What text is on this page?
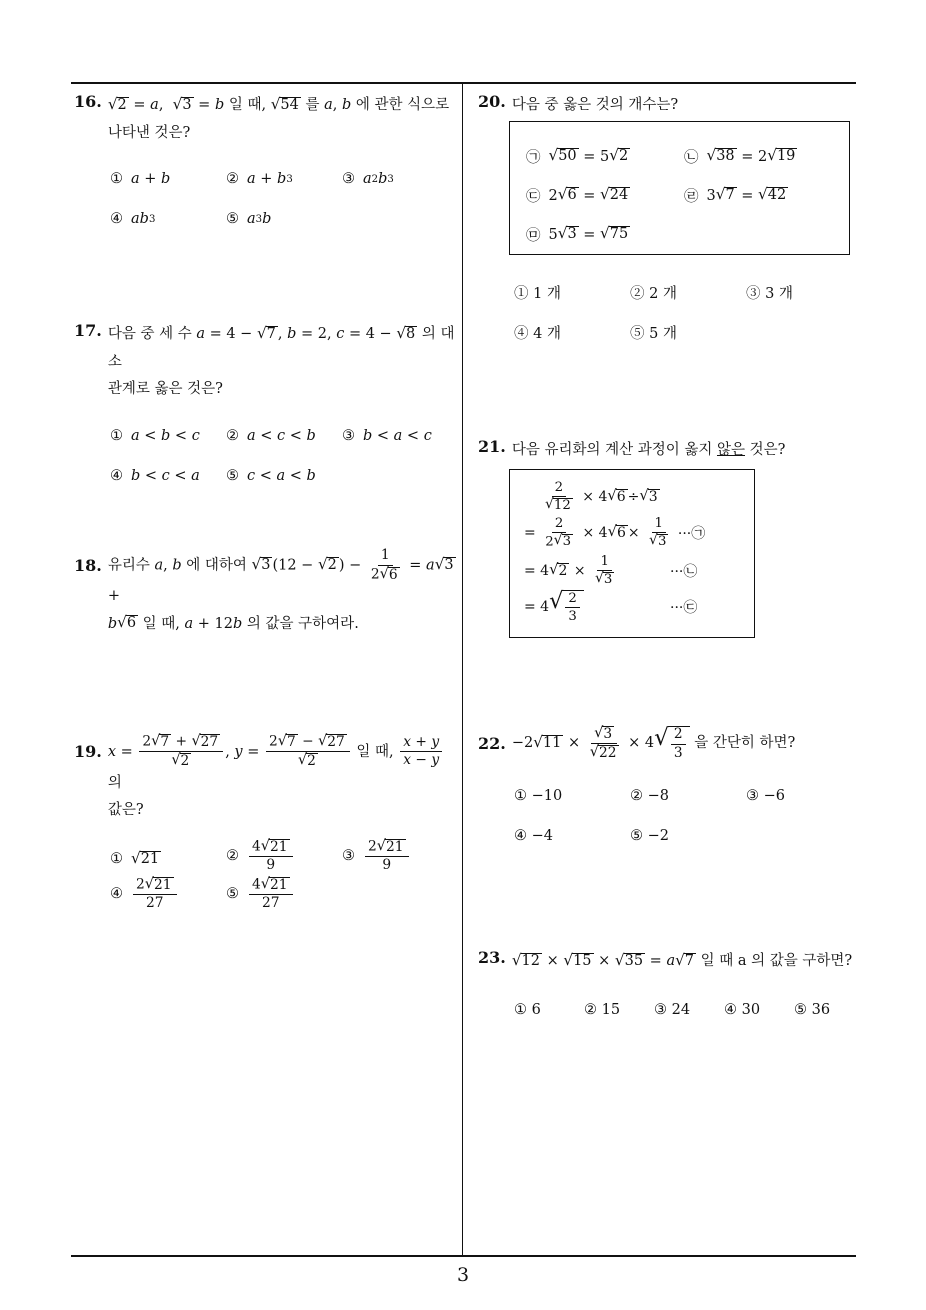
16. √ 2 = a, √ 3 = b 일 때, √ 54 를 a, b 에 관한 식으로
나타낸 것은?
① a + b	② a + b 3	③ a 2 b 3
④ ab 3	⑤ a 3 b
17. 다음 중 세 수 a = 4 − √ 7 , b = 2, c = 4 − √ 8 의 대소
관계로 옳은 것은?
① a < b < c ② a < c < b ③ b < a < c
④ b < c < a ⑤ c < a < b
18. 유리수 a, b 에 대하여 √ 3 (12 − √ 2 ) − $\frac{1}{2 √ 6} = a$ √ 3
+
b √ 6 일 때, a + 12b 의 값을 구하여라.
19. $x = \frac{2 √ 7 + √ 27}{√ 2}$ , $y = \frac{2 √ 7 - √ 27}{√ 2}$ 일 때, $\frac{x + y}{x - y}$
의
값은?
① √ 21	② $\frac{4 √ 21}{9}$	③ $\frac{2 √ 21}{9}$
④ $\frac{2 √ 21}{27}$	⑤ $\frac{4 √ 21}{27}$
20. 다음 중 옳은 것의 개수는?
㉠ √ 50 = 5 √ 2	㉡ √ 38 = 2 √ 19
㉢ 2 √ 6 = √ 24	㉣ 3 √ 7 = √ 42
㉤ 5 √ 3 = √ 75
① 1 개	② 2 개	③ 3 개
④ 4 개	⑤ 5 개
21. 다음 유리화의 계산 과정이 옳지 않은 것은?
$\frac{2}{√ 12} \times 4$ √ 6 ÷ √ 3
= $\frac{2}{2 √ 3} \times 4$ √ $6 \times \frac{1}{√ 3}$
···㉠
= 4 √ $2 \times \frac{1}{√ 3}$	···㉡
= 4 √ $\frac{2}{3}$	···㉢
22. −2 √ $11 \times \frac{√ 3}{√ 22} \times 4$ √ $\frac{2}{3}$
을 간단히 하면?
① −10	② −8	③ −6
④ −4	⑤ −2
23. √ 12 × √ 15 × √ 35 = a √ 7 일 때 a 의 값을 구하면?
① 6	② 15 ③ 24 ④ 30 ⑤ 36
3
